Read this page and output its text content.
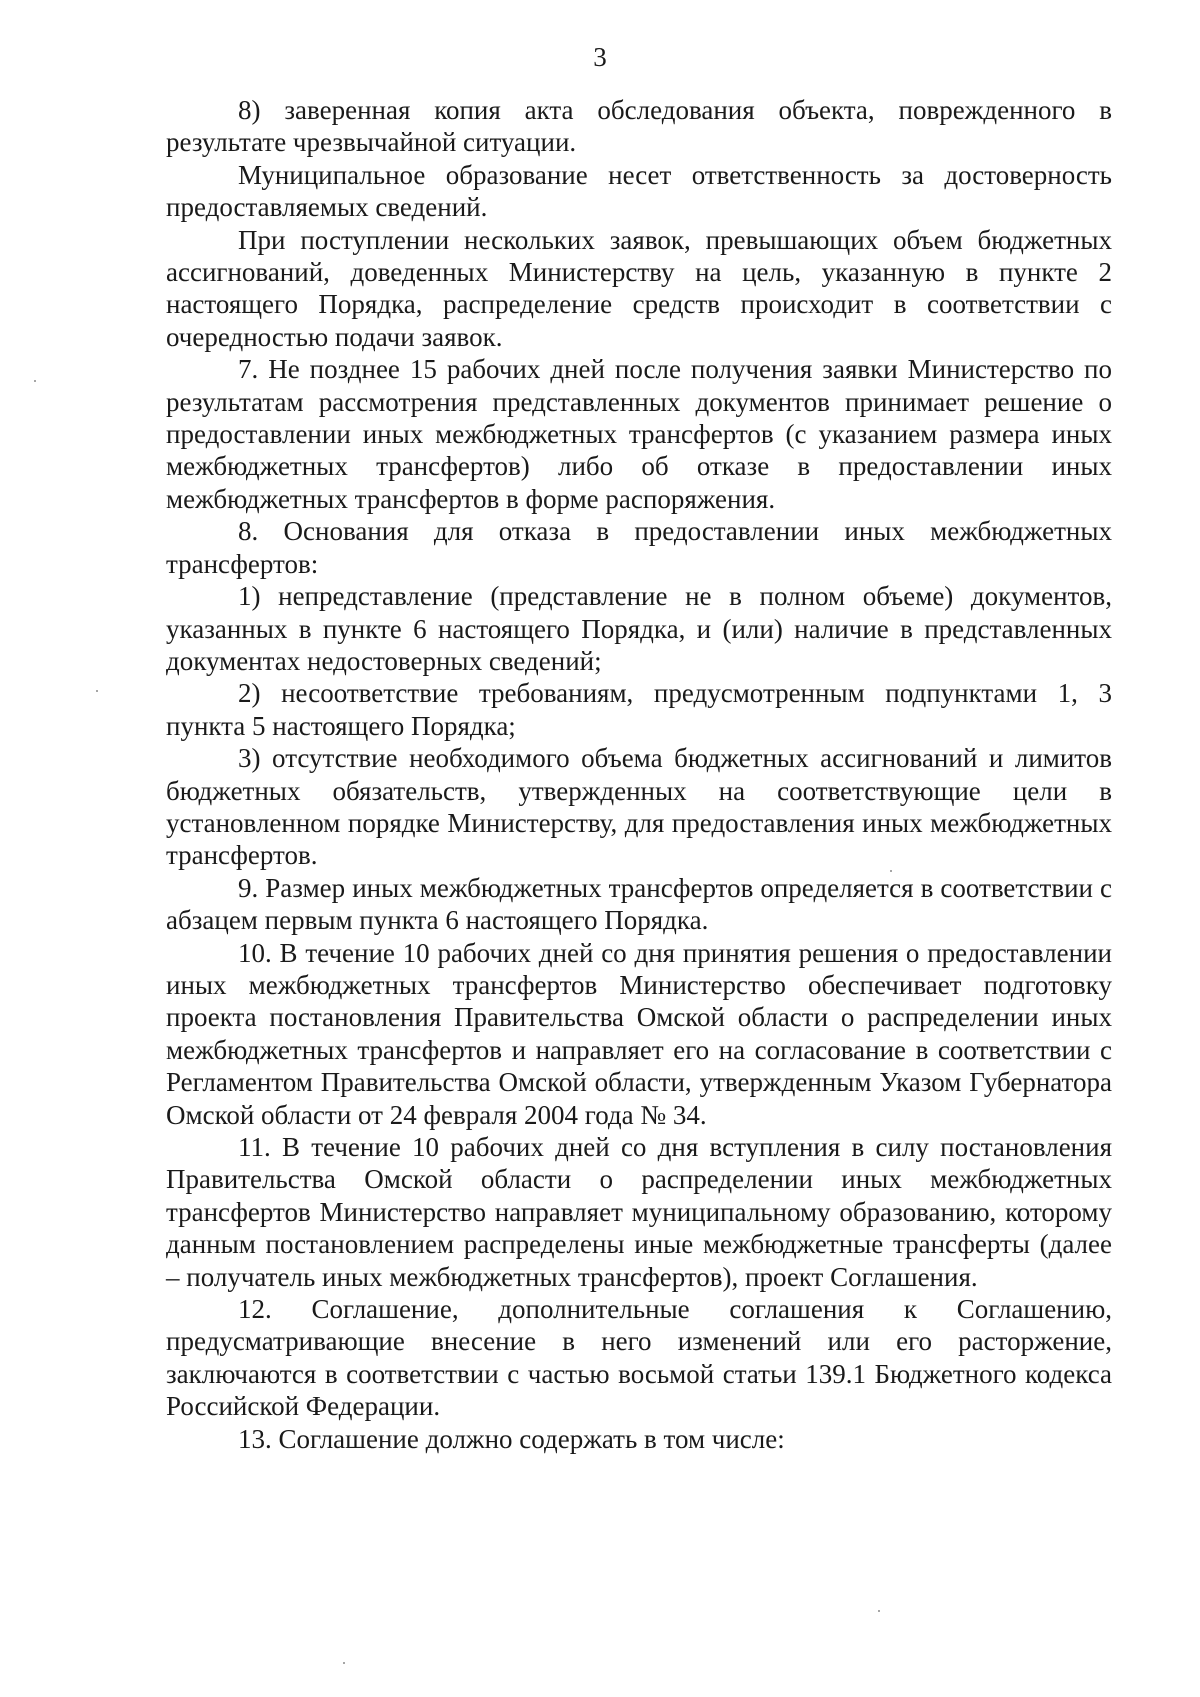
3

8) заверенная копия акта обследования объекта, поврежденного в результате чрезвычайной ситуации.

Муниципальное образование несет ответственность за достоверность предоставляемых сведений.

При поступлении нескольких заявок, превышающих объем бюджетных ассигнований, доведенных Министерству на цель, указанную в пункте 2 настоящего Порядка, распределение средств происходит в соответствии с очередностью подачи заявок.

7. Не позднее 15 рабочих дней после получения заявки Министерство по результатам рассмотрения представленных документов принимает решение о предоставлении иных межбюджетных трансфертов (с указанием размера иных межбюджетных трансфертов) либо об отказе в предоставлении иных межбюджетных трансфертов в форме распоряжения.

8. Основания для отказа в предоставлении иных межбюджетных трансфертов:

1) непредставление (представление не в полном объеме) документов, указанных в пункте 6 настоящего Порядка, и (или) наличие в представленных документах недостоверных сведений;

2) несоответствие требованиям, предусмотренным подпунктами 1, 3 пункта 5 настоящего Порядка;

3) отсутствие необходимого объема бюджетных ассигнований и лимитов бюджетных обязательств, утвержденных на соответствующие цели в установленном порядке Министерству, для предоставления иных межбюджетных трансфертов.

9. Размер иных межбюджетных трансфертов определяется в соответствии с абзацем первым пункта 6 настоящего Порядка.

10. В течение 10 рабочих дней со дня принятия решения о предоставлении иных межбюджетных трансфертов Министерство обеспечивает подготовку проекта постановления Правительства Омской области о распределении иных межбюджетных трансфертов и направляет его на согласование в соответствии с Регламентом Правительства Омской области, утвержденным Указом Губернатора Омской области от 24 февраля 2004 года № 34.

11. В течение 10 рабочих дней со дня вступления в силу постановления Правительства Омской области о распределении иных межбюджетных трансфертов Министерство направляет муниципальному образованию, которому данным постановлением распределены иные межбюджетные трансферты (далее – получатель иных межбюджетных трансфертов), проект Соглашения.

12. Соглашение, дополнительные соглашения к Соглашению, предусматривающие внесение в него изменений или его расторжение, заключаются в соответствии с частью восьмой статьи 139.1 Бюджетного кодекса Российской Федерации.

13. Соглашение должно содержать в том числе:
